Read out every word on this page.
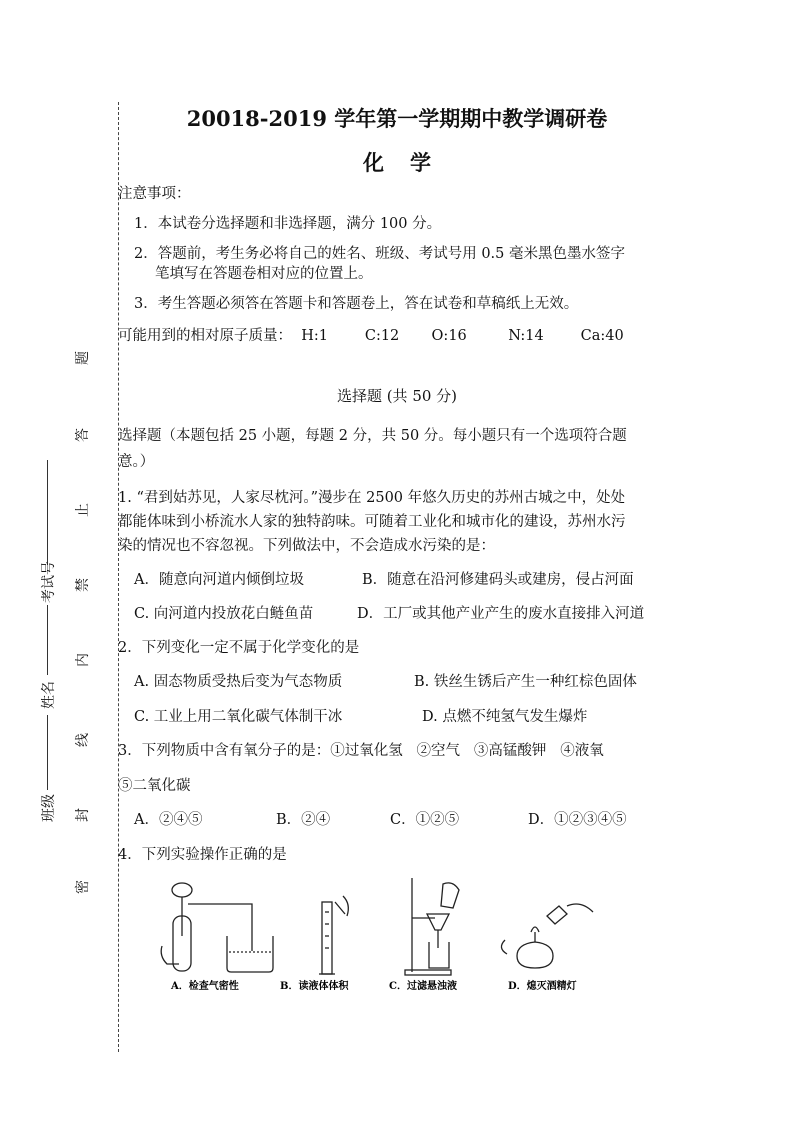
20018-2019 学年第一学期期中教学调研卷
化学
题
答
止
禁
内
线
封
密
考试号
姓名
班级
注意事项：
1．本试卷分选择题和非选择题，满分 100 分。
2．答题前，考生务必将自己的姓名、班级、考试号用 0.5 毫米黑色墨水签字
笔填写在答题卷相对应的位置上。
3．考生答题必须答在答题卡和答题卷上，答在试卷和草稿纸上无效。
可能用到的相对原子质量：  H:1        C:12       O:16         N:14        Ca:40
选择题 (共 50 分)
选择题（本题包括 25 小题，每题 2 分，共 50 分。每小题只有一个选项符合题
意。）
1. “君到姑苏见，人家尽枕河。”漫步在 2500 年悠久历史的苏州古城之中，处处
都能体味到小桥流水人家的独特韵味。可随着工业化和城市化的建设，苏州水污
染的情况也不容忽视。下列做法中，不会造成水污染的是：
A．随意向河道内倾倒垃圾	B．随意在沿河修建码头或建房，侵占河面
C. 向河道内投放花白鲢鱼苗	D．工厂或其他产业产生的废水直接排入河道
2．下列变化一定不属于化学变化的是
A. 固态物质受热后变为气态物质	B. 铁丝生锈后产生一种红棕色固体
C. 工业上用二氧化碳气体制干冰	D. 点燃不纯氢气发生爆炸
3．下列物质中含有氧分子的是：①过氧化氢   ②空气   ③高锰酸钾   ④液氧
⑤二氧化碳
A．②④⑤	B．②④	C．①②⑤	D．①②③④⑤
4．下列实验操作正确的是
A．检查气密性	B．读液体体积	C．过滤悬浊液	D．熄灭酒精灯
